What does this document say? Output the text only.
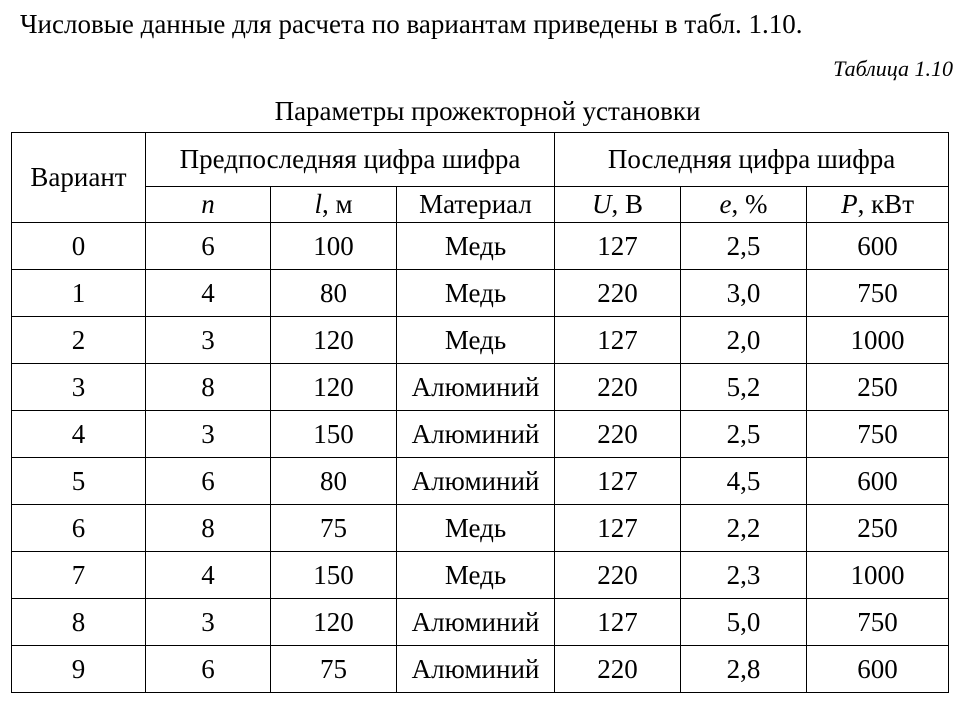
Числовые данные для расчета по вариантам приведены в табл. 1.10.
Таблица 1.10
Параметры прожекторной установки
Вариант	Предпоследняя цифра шифра			Последняя цифра шифра		
	n	l, м	Материал	U, В	e, %	P, кВт
0	6	100	Медь	127	2,5	600
1	4	80	Медь	220	3,0	750
2	3	120	Медь	127	2,0	1000
3	8	120	Алюминий	220	5,2	250
4	3	150	Алюминий	220	2,5	750
5	6	80	Алюминий	127	4,5	600
6	8	75	Медь	127	2,2	250
7	4	150	Медь	220	2,3	1000
8	3	120	Алюминий	127	5,0	750
9	6	75	Алюминий	220	2,8	600
